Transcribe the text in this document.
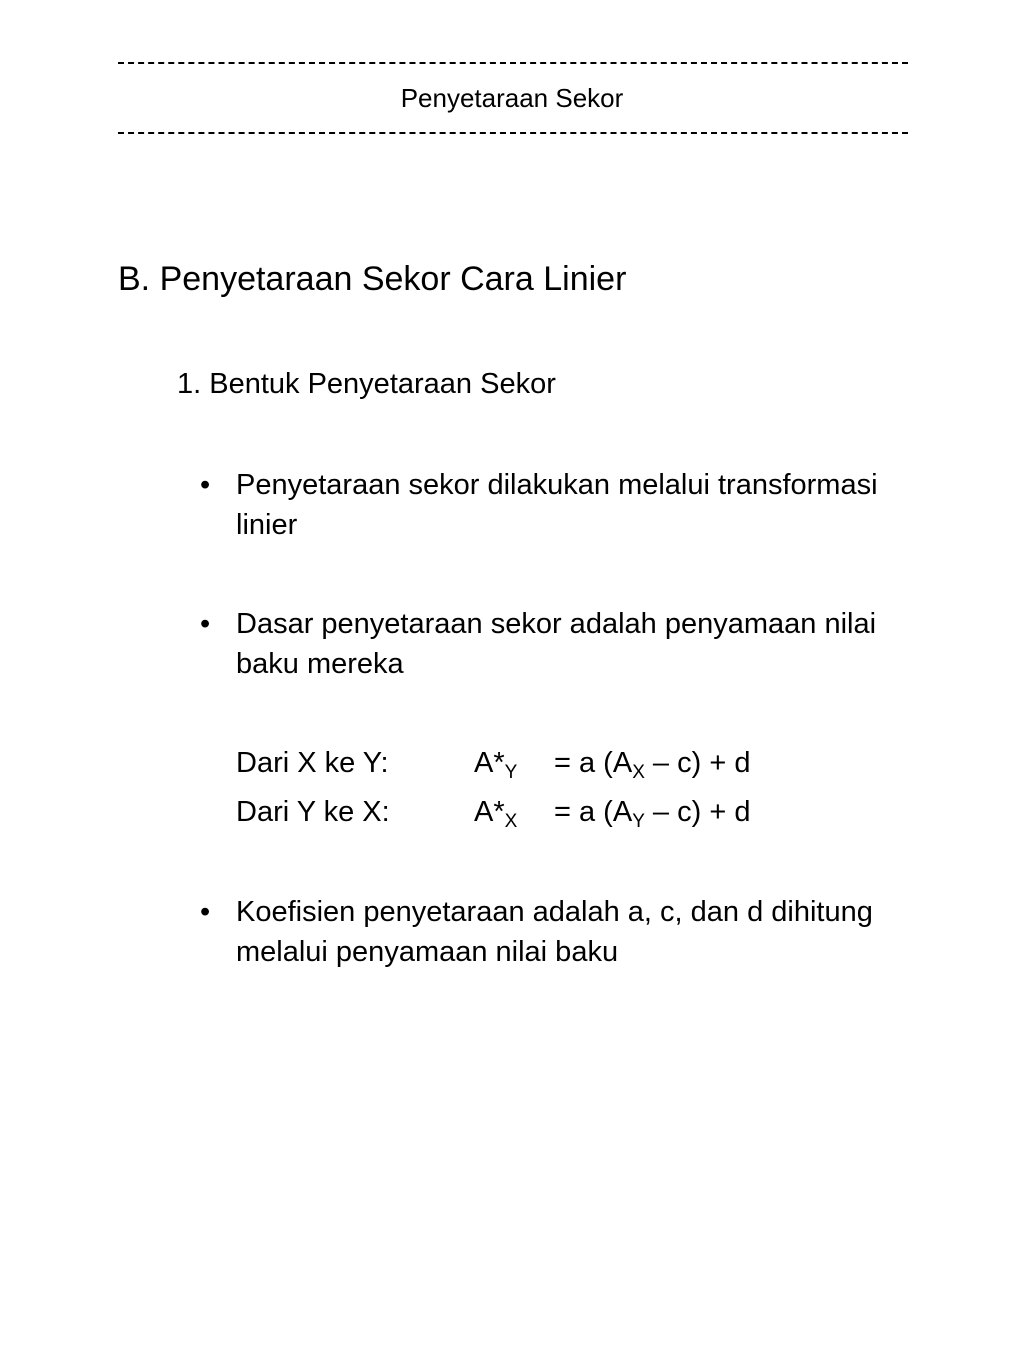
Penyetaraan Sekor
B. Penyetaraan Sekor Cara Linier
1. Bentuk Penyetaraan Sekor
• Penyetaraan sekor dilakukan melalui transformasi linier
• Dasar penyetaraan sekor adalah penyamaan nilai baku mereka
Dari X ke Y:	$A*_Y = a$ $(A_X - c) + d$
Dari Y ke X:	$A*_X = a$ $(A_Y - c) + d$
• Koefisien penyetaraan adalah a, c, dan d dihitung melalui penyamaan nilai baku
